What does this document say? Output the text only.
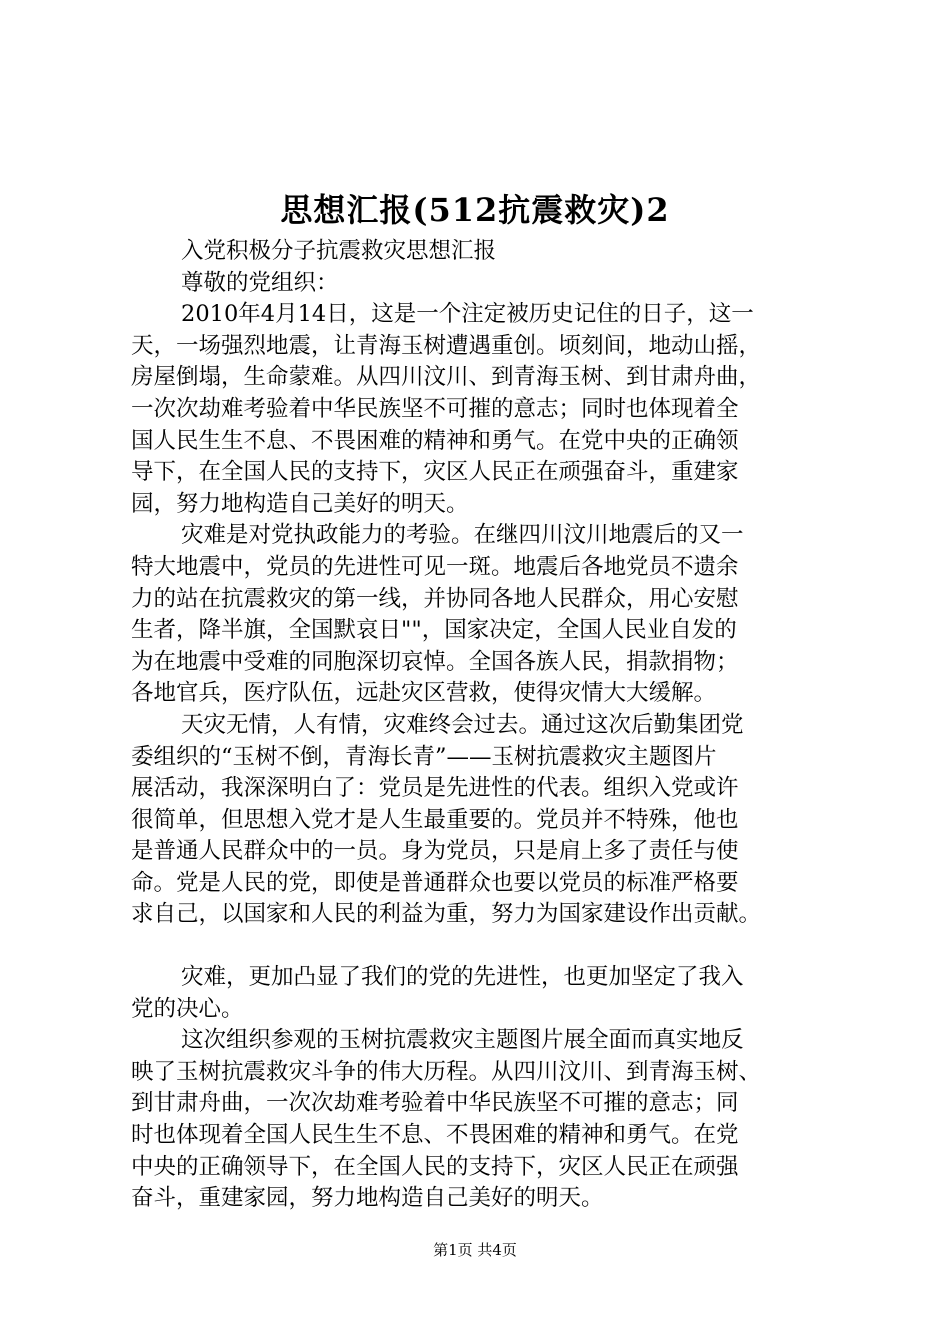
思想汇报(512抗震救灾)2
入党积极分子抗震救灾思想汇报
尊敬的党组织：
2010年4月14日，这是一个注定被历史记住的日子，这一
天，一场强烈地震，让青海玉树遭遇重创。顷刻间，地动山摇，
房屋倒塌，生命蒙难。从四川汶川、到青海玉树、到甘肃舟曲，
一次次劫难考验着中华民族坚不可摧的意志；同时也体现着全
国人民生生不息、不畏困难的精神和勇气。在党中央的正确领
导下，在全国人民的支持下，灾区人民正在顽强奋斗，重建家
园，努力地构造自己美好的明天。
灾难是对党执政能力的考验。在继四川汶川地震后的又一
特大地震中，党员的先进性可见一斑。地震后各地党员不遗余
力的站在抗震救灾的第一线，并协同各地人民群众，用心安慰
生者，降半旗，全国默哀日""，国家决定，全国人民业自发的
为在地震中受难的同胞深切哀悼。全国各族人民，捐款捐物；
各地官兵，医疗队伍，远赴灾区营救，使得灾情大大缓解。
天灾无情，人有情，灾难终会过去。通过这次后勤集团党
委组织的“玉树不倒，青海长青”——玉树抗震救灾主题图片
展活动，我深深明白了：党员是先进性的代表。组织入党或许
很简单，但思想入党才是人生最重要的。党员并不特殊，他也
是普通人民群众中的一员。身为党员，只是肩上多了责任与使
命。党是人民的党，即使是普通群众也要以党员的标准严格要
求自己，以国家和人民的利益为重，努力为国家建设作出贡献。
灾难，更加凸显了我们的党的先进性，也更加坚定了我入
党的决心。
这次组织参观的玉树抗震救灾主题图片展全面而真实地反
映了玉树抗震救灾斗争的伟大历程。从四川汶川、到青海玉树、
到甘肃舟曲，一次次劫难考验着中华民族坚不可摧的意志；同
时也体现着全国人民生生不息、不畏困难的精神和勇气。在党
中央的正确领导下，在全国人民的支持下，灾区人民正在顽强
奋斗，重建家园，努力地构造自己美好的明天。
第1页 共4页
